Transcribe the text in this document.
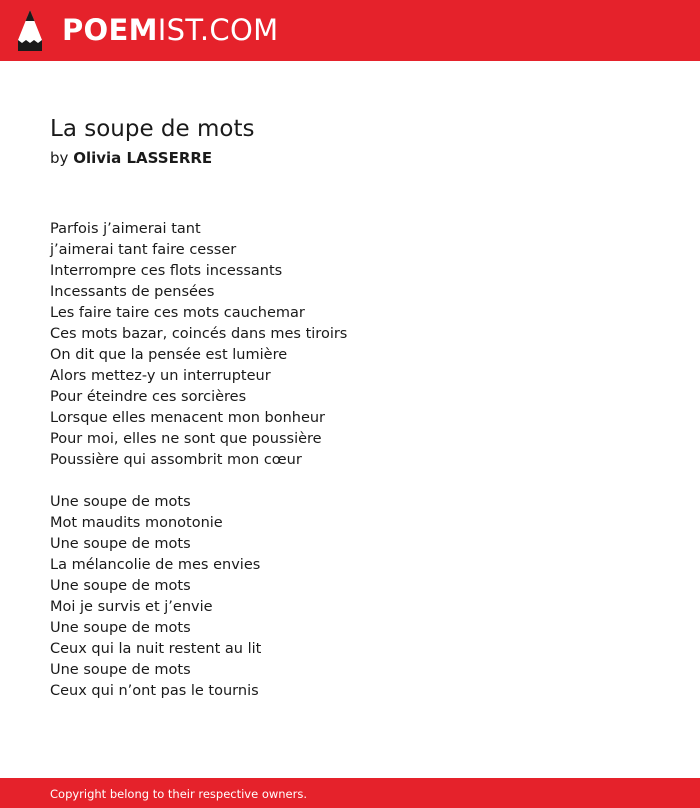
POEMIST.COM
La soupe de mots
by Olivia LASSERRE
Parfois j’aimerai tant
j’aimerai tant faire cesser
Interrompre ces flots incessants
Incessants de pensées
Les faire taire ces mots cauchemar
Ces mots bazar, coincés dans mes tiroirs
On dit que la pensée est lumière
Alors mettez-y un interrupteur
Pour éteindre ces sorcières
Lorsque elles menacent mon bonheur
Pour moi, elles ne sont que poussière
Poussière qui assombrit mon cœur
Une soupe de mots
Mot maudits monotonie
Une soupe de mots
La mélancolie de mes envies
Une soupe de mots
Moi je survis et j’envie
Une soupe de mots
Ceux qui la nuit restent au lit
Une soupe de mots
Ceux qui n’ont pas le tournis
Copyright belong to their respective owners.
